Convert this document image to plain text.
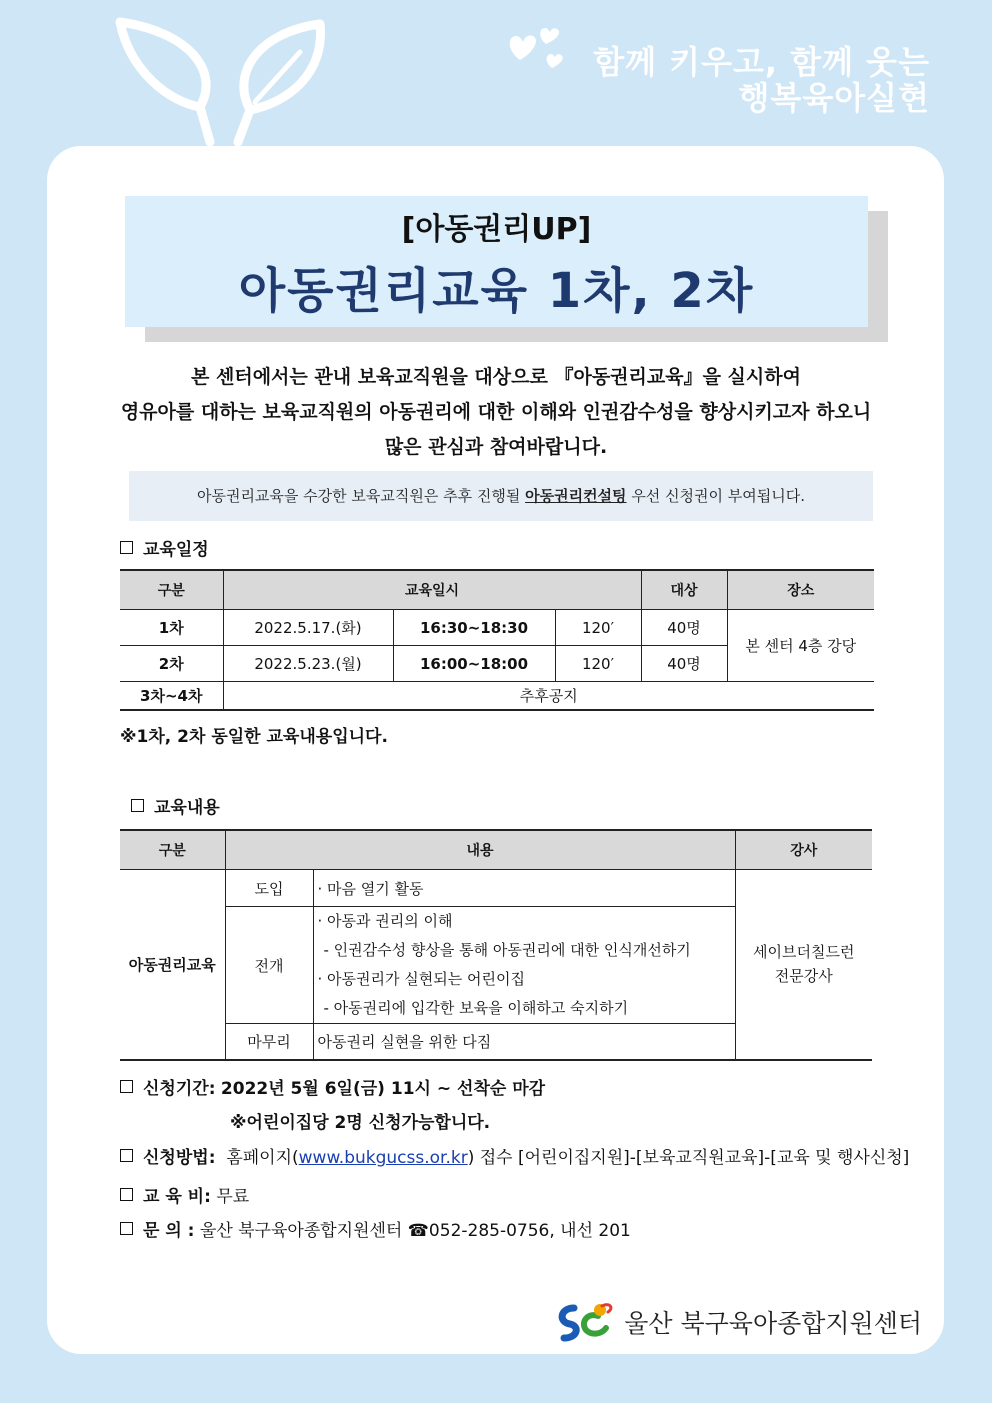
함께 키우고, 함께 웃는
행복육아실현
[아동권리UP]
아동권리교육 1차, 2차
본 센터에서는 관내 보육교직원을 대상으로 『아동권리교육』을 실시하여
영유아를 대하는 보육교직원의 아동권리에 대한 이해와 인권감수성을 향상시키고자 하오니
많은 관심과 참여바랍니다.
아동권리교육을 수강한 보육교직원은 추후 진행될 아동권리컨설팅 우선 신청권이 부여됩니다.
교육일정
구분	교육일시			대상	장소
1차	2022.5.17.(화)	16:30~18:30	120′	40명	본 센터 4층 강당
2차	2022.5.23.(월)	16:00~18:00	120′	40명	
3차~4차	추후공지				
※1차, 2차 동일한 교육내용입니다.
교육내용
구분	내용		강사
아동권리교육	도입	· 마음 열기 활동	세이브더칠드런
전문강사

	전개	· 아동과 권리의 이해
- 인권감수성 향상을 통해 아동권리에 대한 인식개선하기
· 아동권리가 실현되는 어린이집
- 아동권리에 입각한 보육을 이해하고 숙지하기	

	마무리	아동권리 실현을 위한 다짐	
신청기간: 2022년 5월 6일(금) 11시 ~ 선착순 마감
※어린이집당 2명 신청가능합니다.
신청방법: 홈페이지(www.bukgucss.or.kr) 접수 [어린이집지원]-[보육교직원교육]-[교육 및 행사신청]
교 육 비: 무료
문 의 : 울산 북구육아종합지원센터 ☎052-285-0756, 내선 201
울산 북구육아종합지원센터
